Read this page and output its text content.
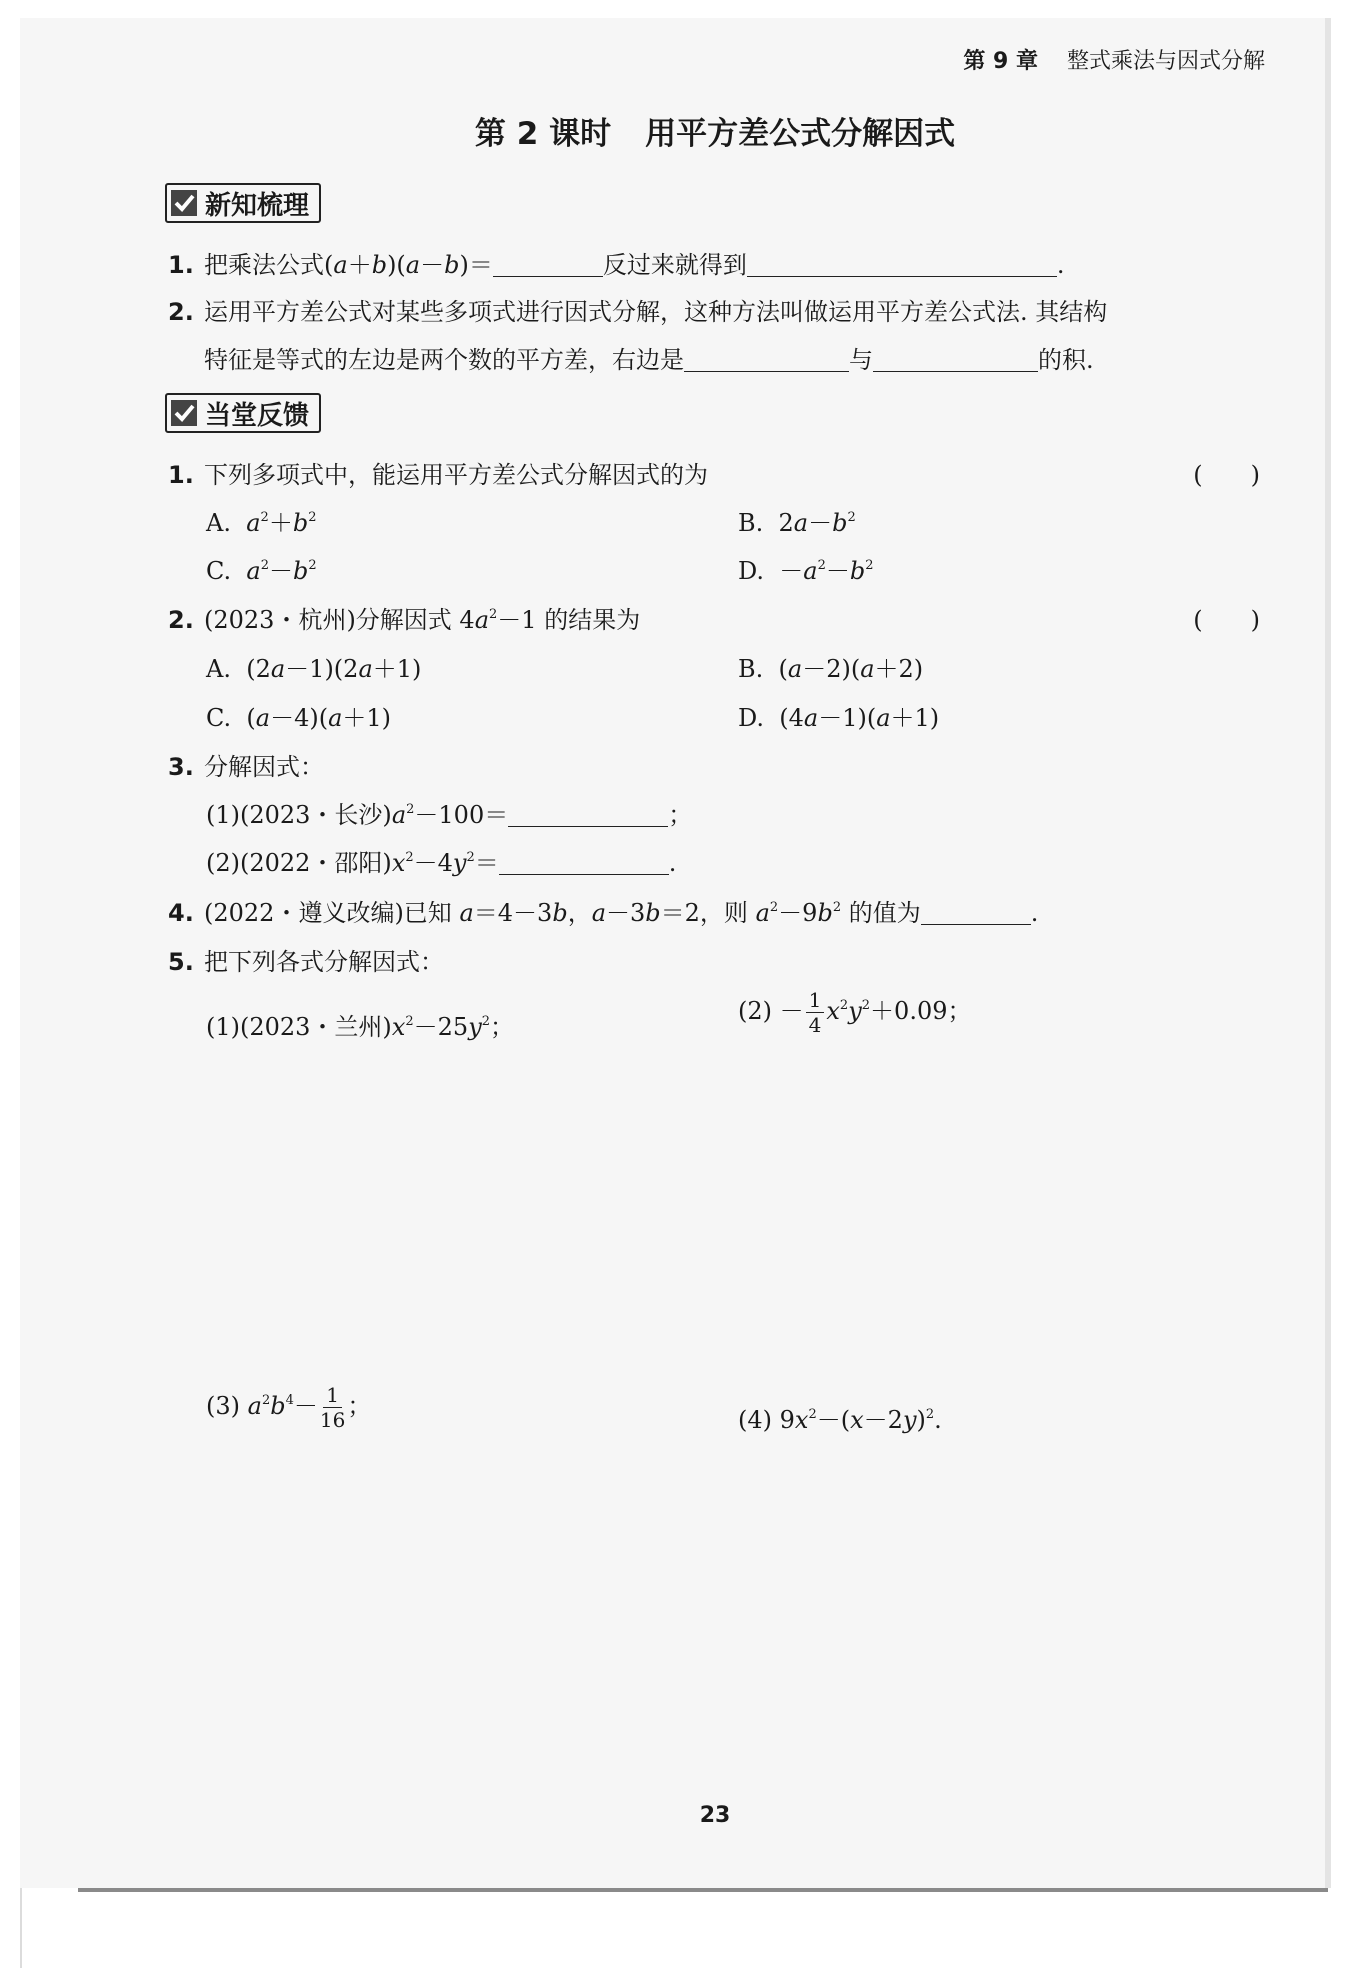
第 9 章 整式乘法与因式分解
第 2 课时 用平方差公式分解因式
新知梳理
1. 把乘法公式(a＋b)(a－b)＝	反过来就得到	.
2. 运用平方差公式对某些多项式进行因式分解，这种方法叫做运用平方差公式法. 其结构
特征是等式的左边是两个数的平方差，右边是	与	的积.
当堂反馈
1. 下列多项式中，能运用平方差公式分解因式的为	(　　)
A. $a^2+b^2$	B.  $2a-b^2$
C. $a^2-b^2$	D.  $-a^2-b^2$
2. (2023・杭州)分解因式 $4a^2-1$ 的结果为	(　　)
A.  (2a－1)(2a＋1)	B.  (a－2)(a＋2)
C.  (a－4)(a＋1)	D.  (4a－1)(a＋1)
3. 分解因式：
(1)(2023・长沙)$a^2-100=$	；
(2)(2022・邵阳)$x^2-4y^2=$	.
4. (2022・遵义改编)已知 a＝4－3b，a－3b＝2，则 $a^2-9b^2$ 的值为	.
5. 把下列各式分解因式：
(1)(2023・兰州)$x^2-25y^2$；
$(2) - \frac{1}{4} x^2y^2+0.09$；
(3) $a^2b^4- \frac{1}{16}$ ；	(4) $9x^2-(x-2y)^2$.
23
